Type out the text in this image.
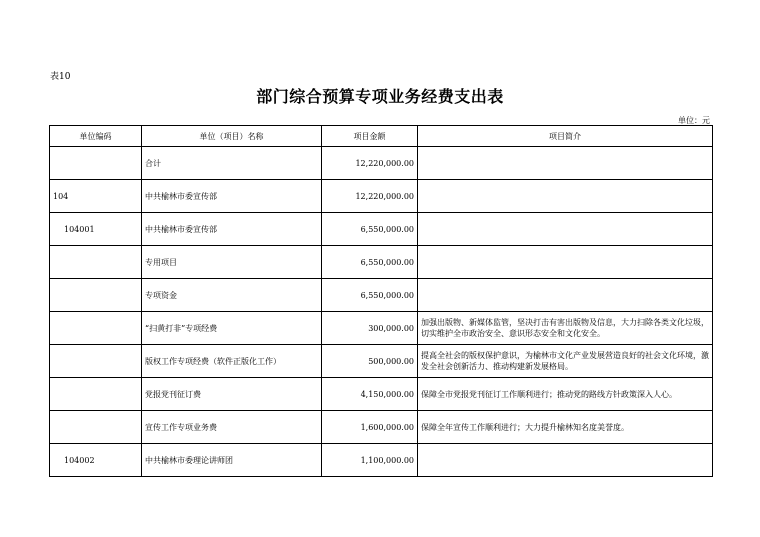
表10
部门综合预算专项业务经费支出表
单位：元
单位编码	单位（项目）名称	项目金额	项目简介
	合计	12,220,000.00	
104	中共榆林市委宣传部	12,220,000.00	
104001	中共榆林市委宣传部	6,550,000.00	
	专用项目	6,550,000.00	
	专项资金	6,550,000.00	
	“扫黄打非”专项经费	300,000.00	加强出版物、新媒体监管，坚决打击有害出版物及信息，大力扫除各类文化垃圾，切实维护全市政治安全、意识形态安全和文化安全。
	版权工作专项经费（软件正版化工作）	500,000.00	提高全社会的版权保护意识，为榆林市文化产业发展营造良好的社会文化环境，激发全社会创新活力、推动构建新发展格局。
	党报党刊征订费	4,150,000.00	保障全市党报党刊征订工作顺利进行；推动党的路线方针政策深入人心。
	宣传工作专项业务费	1,600,000.00	保障全年宣传工作顺利进行；大力提升榆林知名度美誉度。
104002	中共榆林市委理论讲师团	1,100,000.00	
